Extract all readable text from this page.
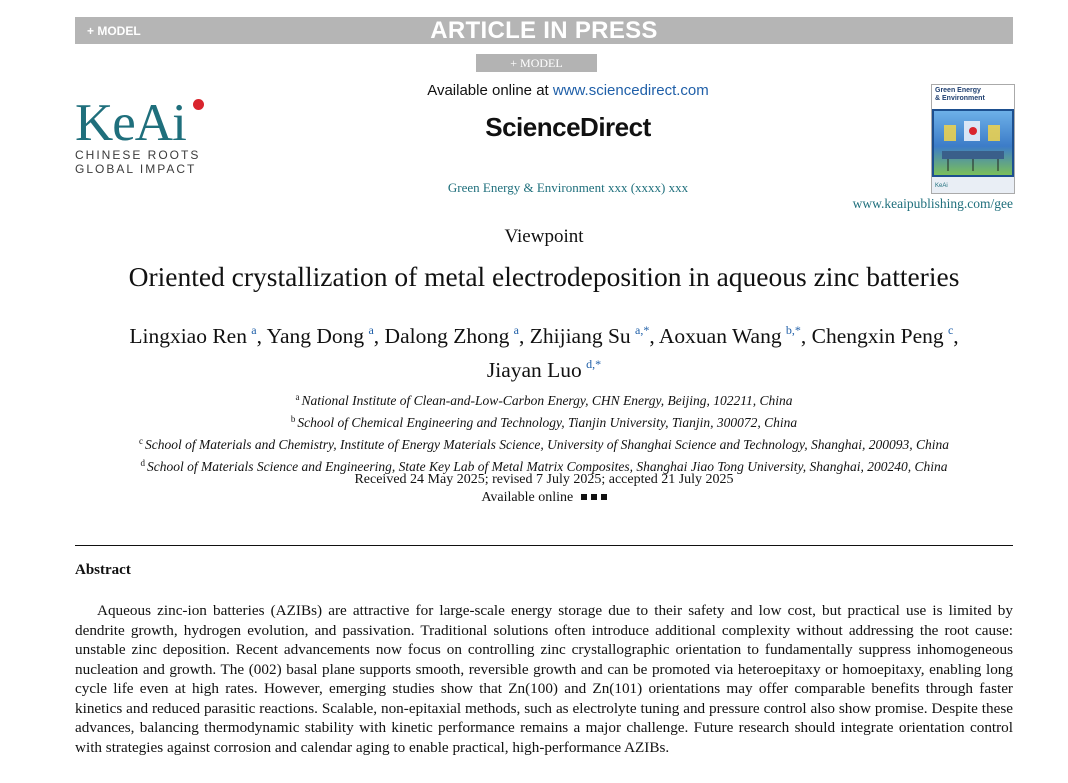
+ MODEL	ARTICLE IN PRESS
+ MODEL
KeAi
CHINESE ROOTS
GLOBAL IMPACT
Available online at www.sciencedirect.com
ScienceDirect
Green Energy & Environment xxx (xxxx) xxx
Green Energy
& Environment
KeAi
www.keaipublishing.com/gee
Viewpoint
Oriented crystallization of metal electrodeposition in aqueous zinc batteries
Lingxiao Ren  $^a$, Yang Dong  $^a$, Dalong Zhong  $^a$, Zhijiang Su  $^{a,*}$, Aoxuan Wang  $^{b,*}$, Chengxin Peng  $^c$,
Jiayan Luo  $^{d,*}$
$^a$ National Institute of Clean-and-Low-Carbon Energy, CHN Energy, Beijing, 102211, China
$^b$ School of Chemical Engineering and Technology, Tianjin University, Tianjin, 300072, China
$^c$ School of Materials and Chemistry, Institute of Energy Materials Science, University of Shanghai Science and Technology, Shanghai, 200093, China
$^d$ School of Materials Science and Engineering, State Key Lab of Metal Matrix Composites, Shanghai Jiao Tong University, Shanghai, 200240, China
Received 24 May 2025; revised 7 July 2025; accepted 21 July 2025
Available online
Abstract
Aqueous zinc-ion batteries (AZIBs) are attractive for large-scale energy storage due to their safety and low cost, but practical use is limited by dendrite growth, hydrogen evolution, and passivation. Traditional solutions often introduce additional complexity without addressing the root cause: unstable zinc deposition. Recent advancements now focus on controlling zinc crystallographic orientation to fundamentally suppress inhomogeneous nucleation and growth. The (002) basal plane supports smooth, reversible growth and can be promoted via heteroepitaxy or homoepitaxy, enabling long cycle life even at high rates. However, emerging studies show that Zn(100) and Zn(101) orientations may offer comparable benefits through faster kinetics and reduced parasitic reactions. Scalable, non-epitaxial methods, such as electrolyte tuning and pressure control also show promise. Despite these advances, balancing thermodynamic stability with kinetic performance remains a major challenge. Future research should integrate orientation control with strategies against corrosion and calendar aging to enable practical, high-performance AZIBs.
